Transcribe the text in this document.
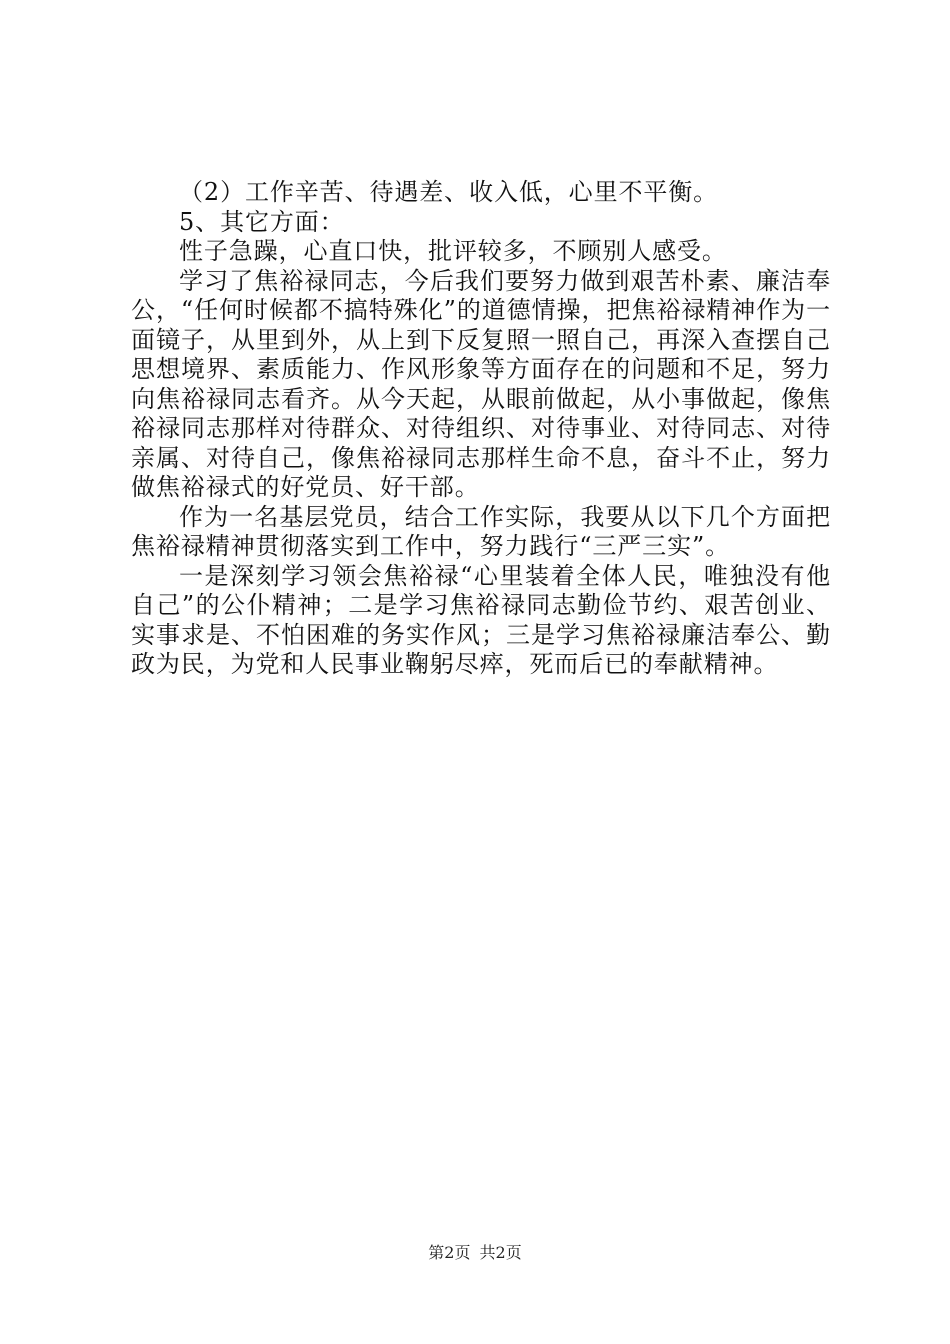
（2）工作辛苦、待遇差、收入低，心里不平衡。

5、其它方面：

性子急躁，心直口快，批评较多，不顾别人感受。

学习了焦裕禄同志，今后我们要努力做到艰苦朴素、廉洁奉公，“任何时候都不搞特殊化”的道德情操，把焦裕禄精神作为一面镜子，从里到外，从上到下反复照一照自己，再深入查摆自己思想境界、素质能力、作风形象等方面存在的问题和不足，努力向焦裕禄同志看齐。从今天起，从眼前做起，从小事做起，像焦裕禄同志那样对待群众、对待组织、对待事业、对待同志、对待亲属、对待自己，像焦裕禄同志那样生命不息，奋斗不止，努力做焦裕禄式的好党员、好干部。

作为一名基层党员，结合工作实际，我要从以下几个方面把焦裕禄精神贯彻落实到工作中，努力践行“三严三实”。

一是深刻学习领会焦裕禄“心里装着全体人民，唯独没有他自己”的公仆精神；二是学习焦裕禄同志勤俭节约、艰苦创业、实事求是、不怕困难的务实作风；三是学习焦裕禄廉洁奉公、勤政为民，为党和人民事业鞠躬尽瘁，死而后已的奉献精神。

第2页 共2页
